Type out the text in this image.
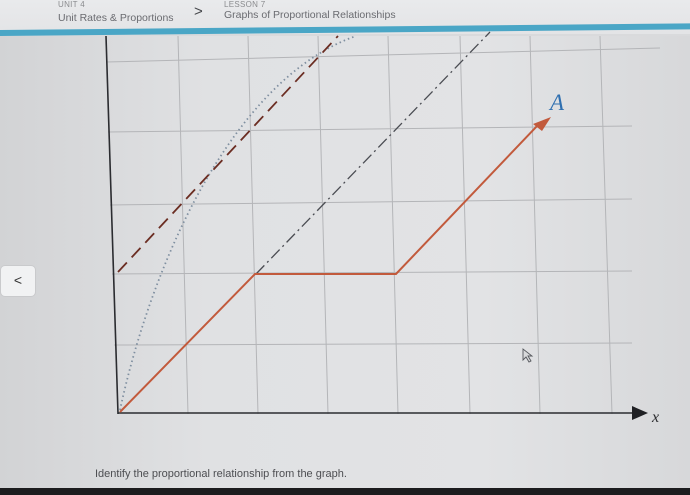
UNIT 4
Unit Rates & Proportions >	LESSON 7
Graphs of Proportional Relationships
x
A
<
Identify the proportional relationship from the graph.
